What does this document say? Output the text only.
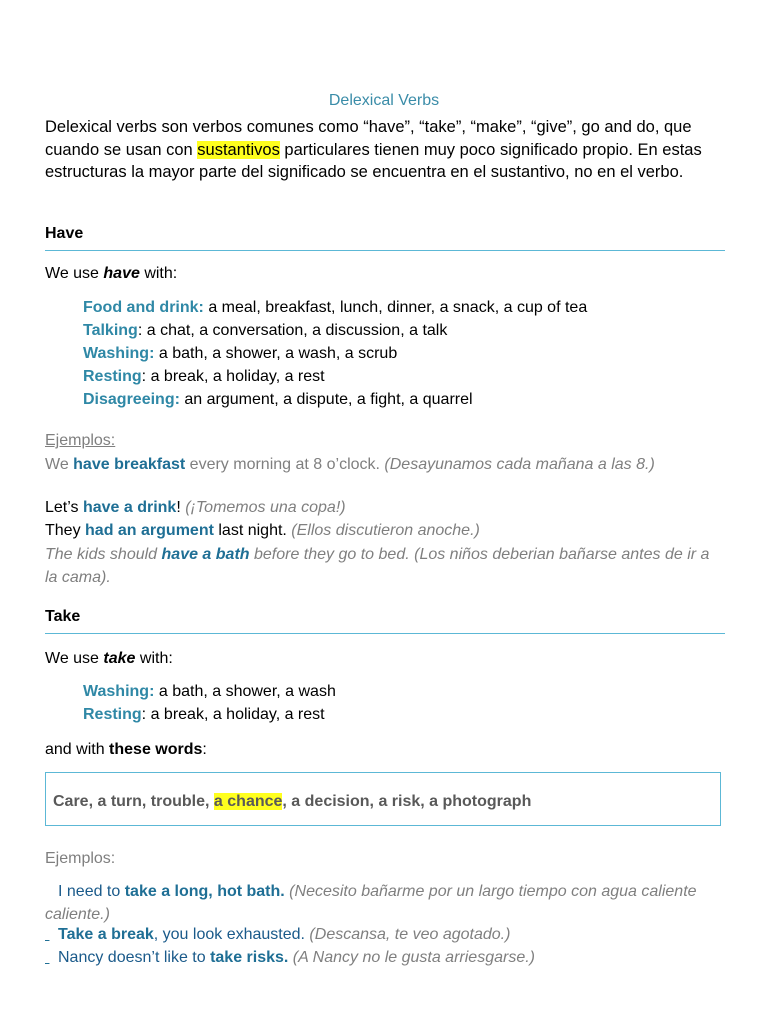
Delexical Verbs
Delexical verbs son verbos comunes como “have”, “take”, “make”, “give”, go and do, que cuando se usan con sustantivos particulares tienen muy poco significado propio. En estas estructuras la mayor parte del significado se encuentra en el sustantivo, no en el verbo.
Have
We use have with:
Food and drink: a meal, breakfast, lunch, dinner, a snack, a cup of tea
Talking: a chat, a conversation, a discussion, a talk
Washing: a bath, a shower, a wash, a scrub
Resting: a break, a holiday, a rest
Disagreeing: an argument, a dispute, a fight, a quarrel
Ejemplos:
We have breakfast every morning at 8 o’clock. (Desayunamos cada mañana a las 8.)
Let’s have a drink! (¡Tomemos una copa!)
They had an argument last night. (Ellos discutieron anoche.)
The kids should have a bath before they go to bed. (Los niños deberian bañarse antes de ir a la cama).
Take
We use take with:
Washing: a bath, a shower, a wash
Resting: a break, a holiday, a rest
and with these words:
Care, a turn, trouble, a chance, a decision, a risk, a photograph
Ejemplos:
I need to take a long, hot bath. (Necesito bañarme por un largo tiempo con agua caliente caliente.)
Take a break, you look exhausted. (Descansa, te veo agotado.)
Nancy doesn’t like to take risks. (A Nancy no le gusta arriesgarse.)
